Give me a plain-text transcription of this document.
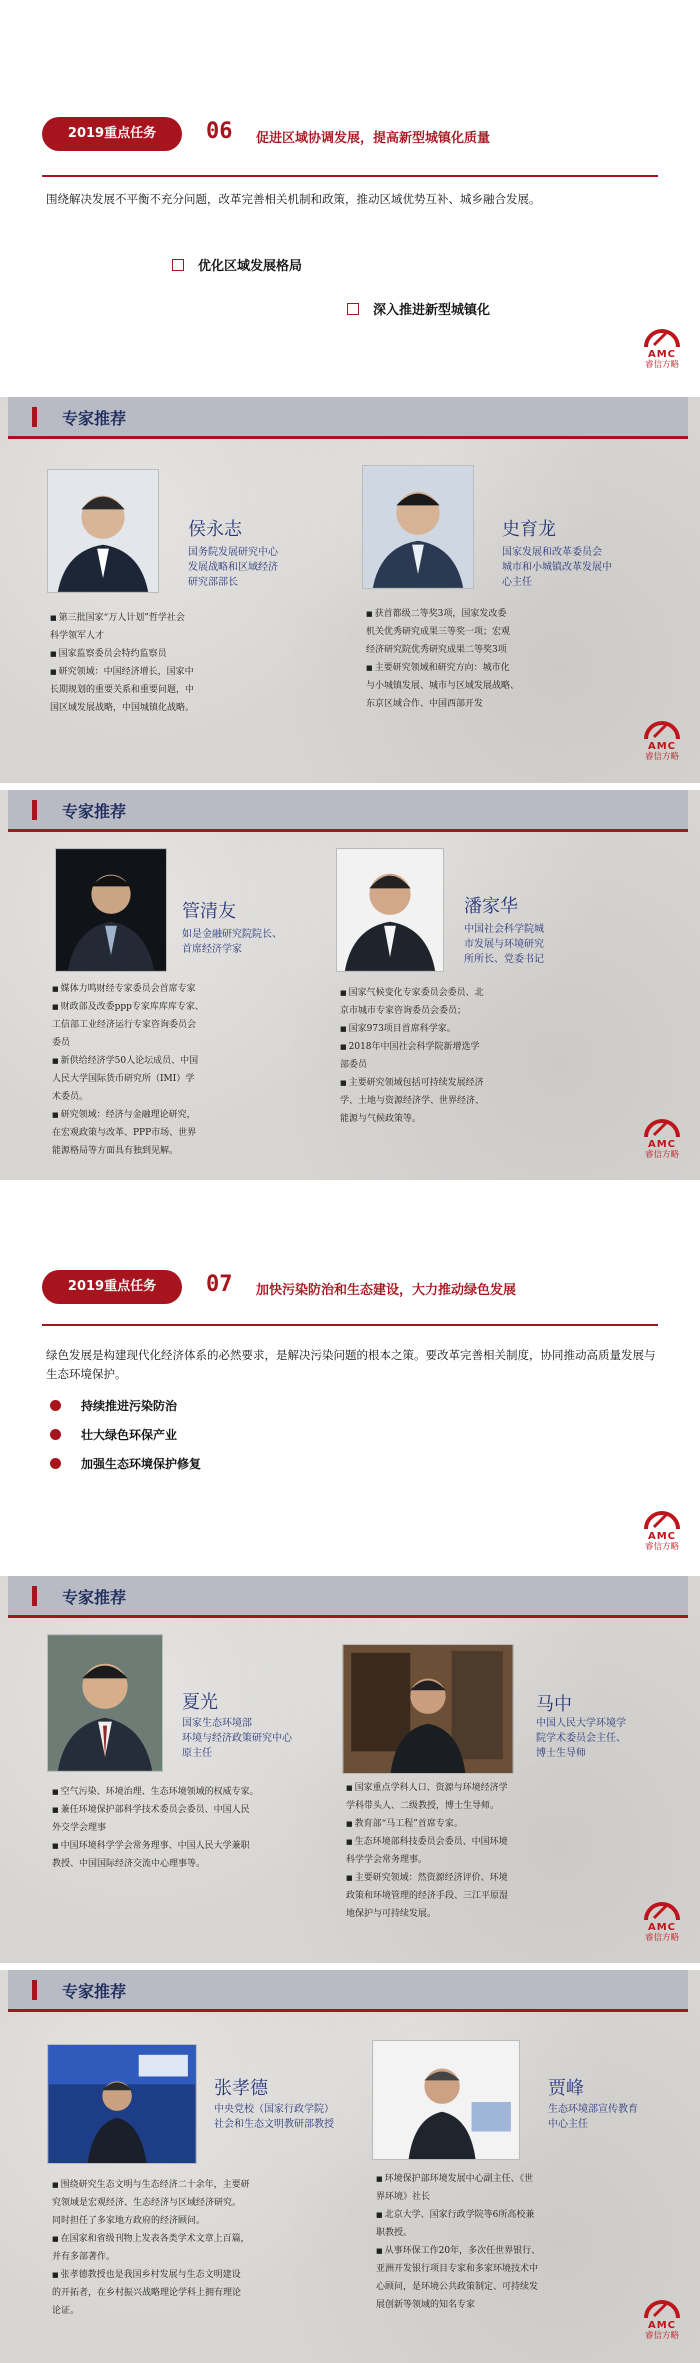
2019重点任务	06 促进区域协调发展，提高新型城镇化质量
围绕解决发展不平衡不充分问题，改革完善相关机制和政策，推动区域优势互补、城乡融合发展。
优化区域发展格局
深入推进新型城镇化
AMC
睿信方略
专家推荐
侯永志
国务院发展研究中心
发展战略和区域经济
研究部部长
■ 第三批国家“万人计划”哲学社会
科学领军人才
■ 国家监察委员会特约监察员
■ 研究领域：中国经济增长，国家中
长期规划的重要关系和重要问题，中
国区域发展战略，中国城镇化战略。
史育龙
国家发展和改革委员会
城市和小城镇改革发展中
心主任
■ 获首都级二等奖3项，国家发改委
机关优秀研究成果三等奖一项；宏观
经济研究院优秀研究成果二等奖3项
■ 主要研究领域和研究方向：城市化
与小城镇发展、城市与区域发展战略、
东京区域合作、中国西部开发
AMC
睿信方略
专家推荐
管清友
如是金融研究院院长、
首席经济学家
■ 媒体力鸣财经专家委员会首席专家
■ 财政部及改委ppp专家库库库专家、
工信部工业经济运行专家咨询委员会
委员
■ 新供给经济学50人论坛成员、中国
人民大学国际货币研究所（IMI）学
术委员。
■ 研究领域：经济与金融理论研究，
在宏观政策与改革、PPP市场、世界
能源格局等方面具有独到见解。
潘家华
中国社会科学院城
市发展与环境研究
所所长、党委书记
■ 国家气候变化专家委员会委员、北
京市城市专家咨询委员会委员；
■ 国家973项目首席科学家。
■ 2018年中国社会科学院新增选学
部委员
■ 主要研究领域包括可持续发展经济
学、土地与资源经济学、世界经济、
能源与气候政策等。
AMC
睿信方略
2019重点任务	07 加快污染防治和生态建设，大力推动绿色发展
绿色发展是构建现代化经济体系的必然要求，是解决污染问题的根本之策。要改革完善相关制度，协同推动高质量发展与生态环境保护。
持续推进污染防治
壮大绿色环保产业
加强生态环境保护修复
AMC
睿信方略
专家推荐
夏光
国家生态环境部
环境与经济政策研究中心
原主任
■ 空气污染、环境治理、生态环境领域的权威专家。
■ 兼任环境保护部科学技术委员会委员、中国人民
外交学会理事
■ 中国环境科学学会常务理事、中国人民大学兼职
教授、中国国际经济交流中心理事等。
马中
中国人民大学环境学
院学术委员会主任、
博士生导师
■ 国家重点学科人口、资源与环境经济学
学科带头人、二级教授，博士生导师。
■ 教育部“马工程”首席专家。
■ 生态环境部科技委员会委员、中国环境
科学学会常务理事。
■ 主要研究领域：然资源经济评价、环境
政策和环境管理的经济手段、三江平原湿
地保护与可持续发展。
AMC
睿信方略
专家推荐
张孝德
中央党校（国家行政学院）
社会和生态文明教研部教授
■ 围绕研究生态文明与生态经济二十余年，主要研
究领域是宏观经济、生态经济与区域经济研究。
同时担任了多家地方政府的经济顾问。
■ 在国家和省级刊物上发表各类学术文章上百篇，
并有多部著作。
■ 张孝德教授也是我国乡村发展与生态文明建设
的开拓者，在乡村振兴战略理论学科上拥有理论
论证。
贾峰
生态环境部宣传教育
中心主任
■ 环境保护部环境发展中心副主任、《世
界环境》社长
■ 北京大学、国家行政学院等6所高校兼
职教授。
■ 从事环保工作20年，多次任世界银行、
亚洲开发银行项目专家和多家环境技术中
心顾问，是环境公共政策制定、可持续发
展创新等领域的知名专家
AMC
睿信方略
